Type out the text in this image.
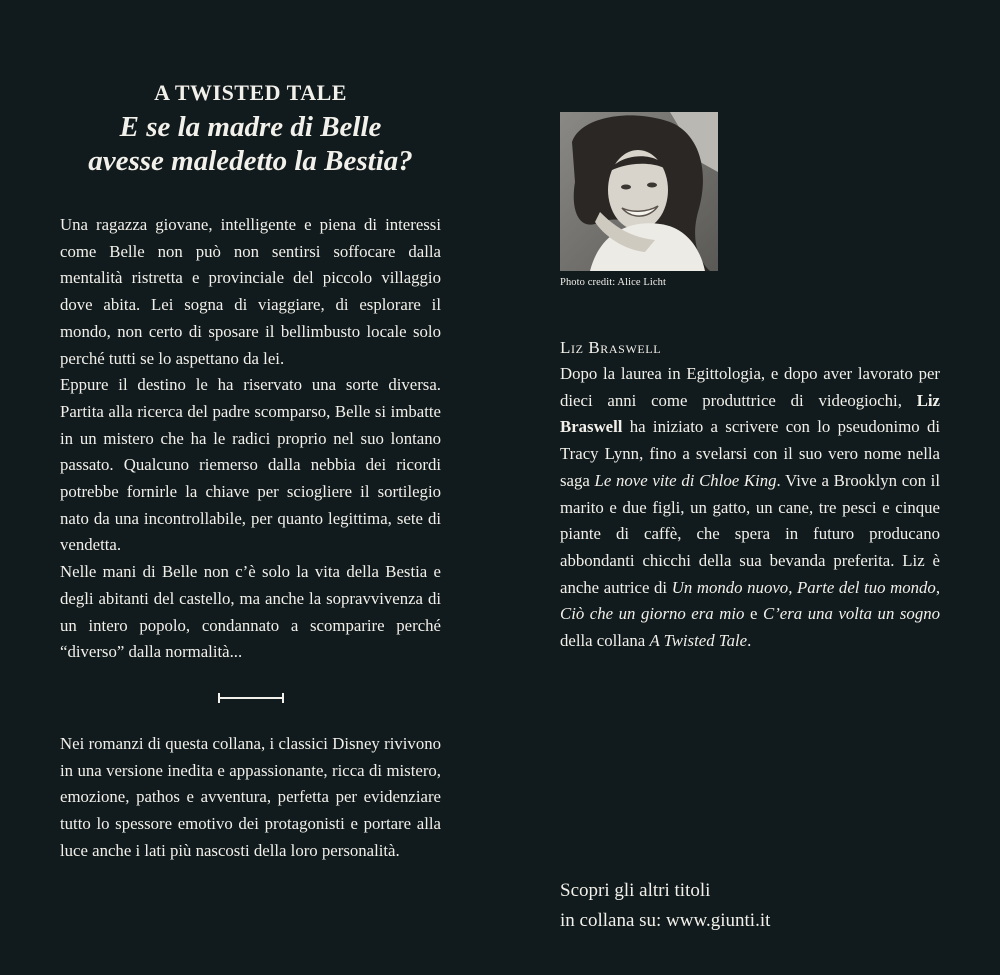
A TWISTED TALE
E se la madre di Belle
avesse maledetto la Bestia?

Una ragazza giovane, intelligente e piena di interessi come Belle non può non sentirsi soffocare dalla mentalità ristretta e provinciale del piccolo villaggio dove abita. Lei sogna di viaggiare, di esplorare il mondo, non certo di sposare il bellimbusto locale solo perché tutti se lo aspettano da lei.

Eppure il destino le ha riservato una sorte diversa. Partita alla ricerca del padre scomparso, Belle si imbatte in un mistero che ha le radici proprio nel suo lontano passato. Qualcuno riemerso dalla nebbia dei ricordi potrebbe fornirle la chiave per sciogliere il sortilegio nato da una incontrollabile, per quanto legittima, sete di vendetta.

Nelle mani di Belle non c’è solo la vita della Bestia e degli abitanti del castello, ma anche la sopravvivenza di un intero popolo, condannato a scomparire perché “diverso” dalla normalità...

Nei romanzi di questa collana, i classici Disney rivivono in una versione inedita e appassionante, ricca di mistero, emozione, pathos e avventura, perfetta per evidenziare tutto lo spessore emotivo dei protagonisti e portare alla luce anche i lati più nascosti della loro personalità.

Photo credit: Alice Licht
Liz Braswell

Dopo la laurea in Egittologia, e dopo aver lavorato per dieci anni come produttrice di videogiochi, Liz Braswell ha iniziato a scrivere con lo pseudonimo di Tracy Lynn, fino a svelarsi con il suo vero nome nella saga Le nove vite di Chloe King. Vive a Brooklyn con il marito e due figli, un gatto, un cane, tre pesci e cinque piante di caffè, che spera in futuro producano abbondanti chicchi della sua bevanda preferita. Liz è anche autrice di Un mondo nuovo, Parte del tuo mondo, Ciò che un giorno era mio e C’era una volta un sogno della collana A Twisted Tale.

Scopri gli altri titoli
in collana su: www.giunti.it
